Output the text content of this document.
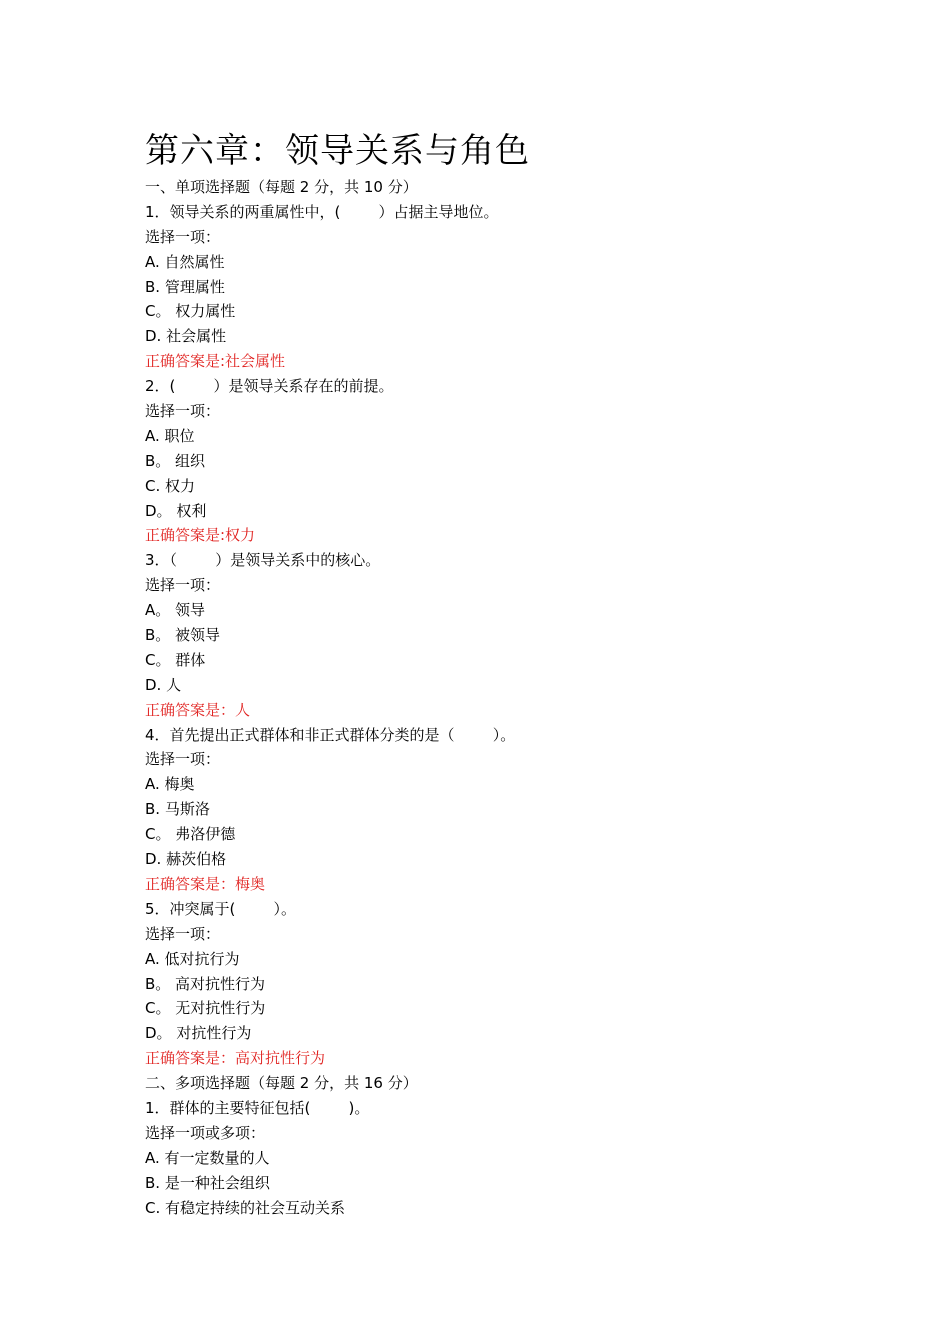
第六章：领导关系与角色

一、单项选择题（每题 2 分，共 10 分）

1．领导关系的两重属性中，(        ）占据主导地位。

选择一项：

A. 自然属性

B. 管理属性

C。 权力属性

D. 社会属性

正确答案是:社会属性

2．(        ）是领导关系存在的前提。

选择一项：

A. 职位

B。 组织

C. 权力

D。 权利

正确答案是:权力

3．（        ）是领导关系中的核心。

选择一项：

A。 领导

B。 被领导

C。 群体

D. 人

正确答案是：人

4．首先提出正式群体和非正式群体分类的是（        ）。

选择一项：

A. 梅奥

B. 马斯洛

C。 弗洛伊德

D. 赫茨伯格

正确答案是：梅奥

5．冲突属于(        ）。

选择一项：

A. 低对抗行为

B。 高对抗性行为

C。 无对抗性行为

D。 对抗性行为

正确答案是：高对抗性行为

二、多项选择题（每题 2 分，共 16 分）

1．群体的主要特征包括(        )。

选择一项或多项：

A. 有一定数量的人

B. 是一种社会组织

C. 有稳定持续的社会互动关系
